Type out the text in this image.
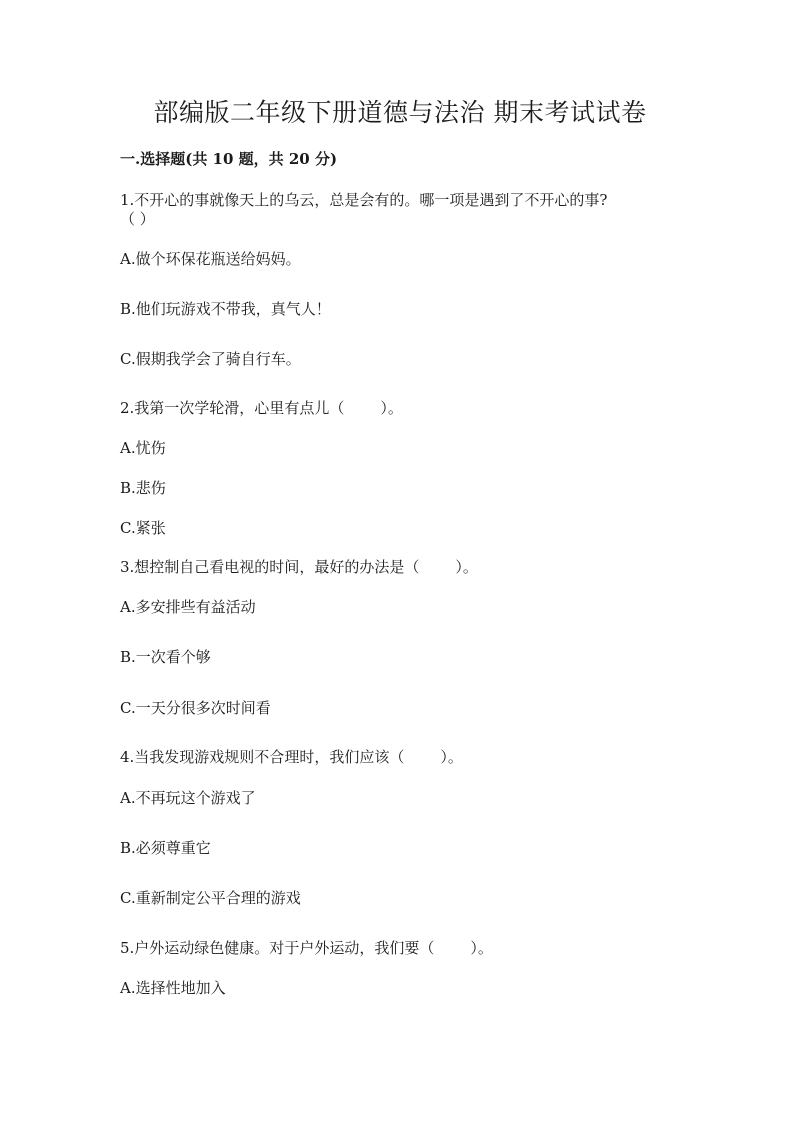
部编版二年级下册道德与法治 期末考试试卷
一.选择题(共 10 题，共 20 分)
1.不开心的事就像天上的乌云，总是会有的。哪一项是遇到了不开心的事?
（ ）
A.做个环保花瓶送给妈妈。
B.他们玩游戏不带我，真气人！
C.假期我学会了骑自行车。
2.我第一次学轮滑，心里有点儿（ ）。
A.忧伤
B.悲伤
C.紧张
3.想控制自己看电视的时间，最好的办法是（ ）。
A.多安排些有益活动
B.一次看个够
C.一天分很多次时间看
4.当我发现游戏规则不合理时，我们应该（ ）。
A.不再玩这个游戏了
B.必须尊重它
C.重新制定公平合理的游戏
5.户外运动绿色健康。对于户外运动，我们要（ ）。
A.选择性地加入
